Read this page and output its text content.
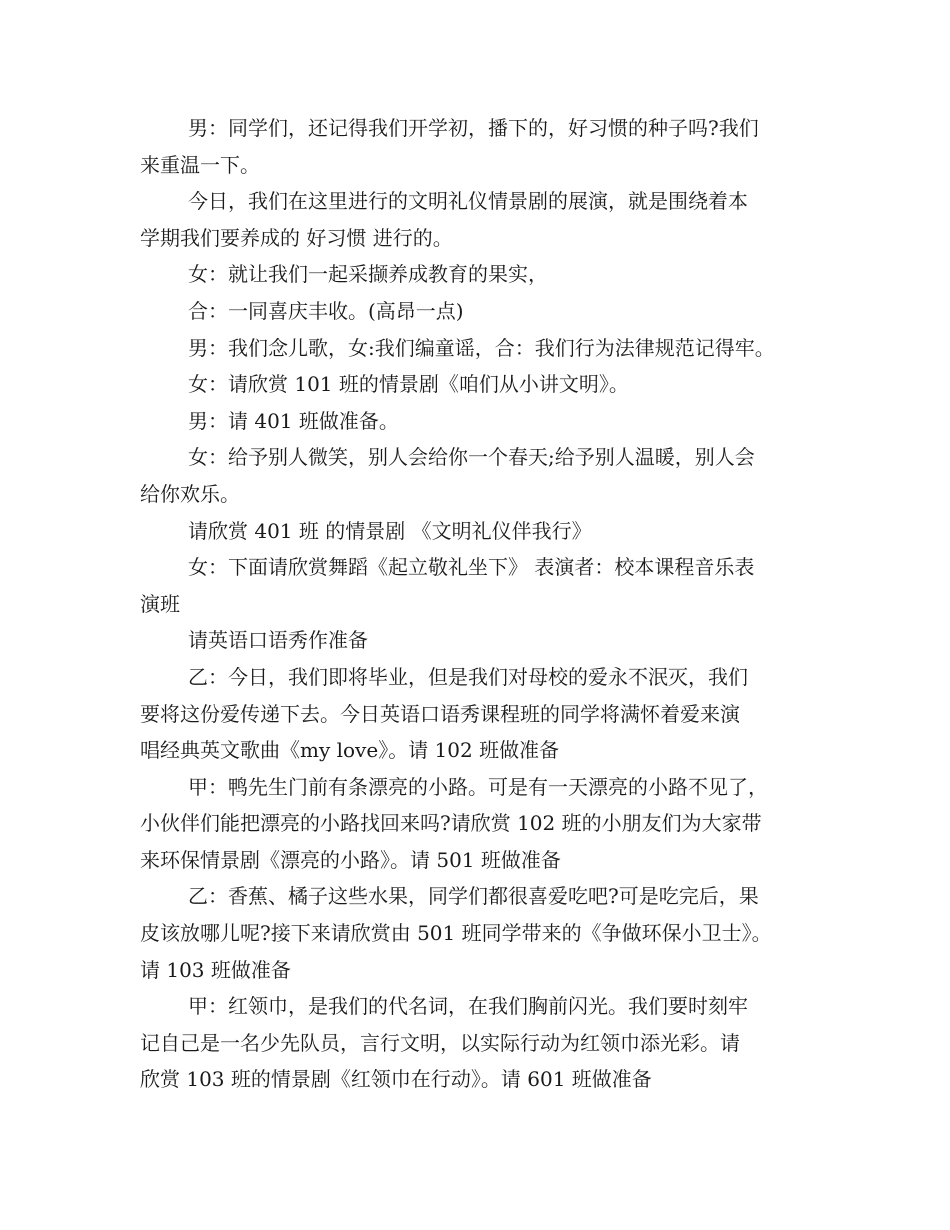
男：同学们，还记得我们开学初，播下的，好习惯的种子吗?我们
来重温一下。

今日，我们在这里进行的文明礼仪情景剧的展演，就是围绕着本
学期我们要养成的 好习惯 进行的。

女：就让我们一起采撷养成教育的果实，

合：一同喜庆丰收。(高昂一点)

男：我们念儿歌，女:我们编童谣，合：我们行为法律规范记得牢。

女：请欣赏 101 班的情景剧《咱们从小讲文明》。

男：请 401 班做准备。

女：给予别人微笑，别人会给你一个春天;给予别人温暖，别人会
给你欢乐。

请欣赏 401 班 的情景剧 《文明礼仪伴我行》

女：下面请欣赏舞蹈《起立敬礼坐下》 表演者：校本课程音乐表
演班

请英语口语秀作准备

乙：今日，我们即将毕业，但是我们对母校的爱永不泯灭，我们
要将这份爱传递下去。今日英语口语秀课程班的同学将满怀着爱来演
唱经典英文歌曲《my love》。请 102 班做准备

甲：鸭先生门前有条漂亮的小路。可是有一天漂亮的小路不见了，
小伙伴们能把漂亮的小路找回来吗?请欣赏 102 班的小朋友们为大家带
来环保情景剧《漂亮的小路》。请 501 班做准备

乙：香蕉、橘子这些水果，同学们都很喜爱吃吧?可是吃完后，果
皮该放哪儿呢?接下来请欣赏由 501 班同学带来的《争做环保小卫士》。
请 103 班做准备

甲：红领巾，是我们的代名词，在我们胸前闪光。我们要时刻牢
记自己是一名少先队员，言行文明，以实际行动为红领巾添光彩。请
欣赏 103 班的情景剧《红领巾在行动》。请 601 班做准备
